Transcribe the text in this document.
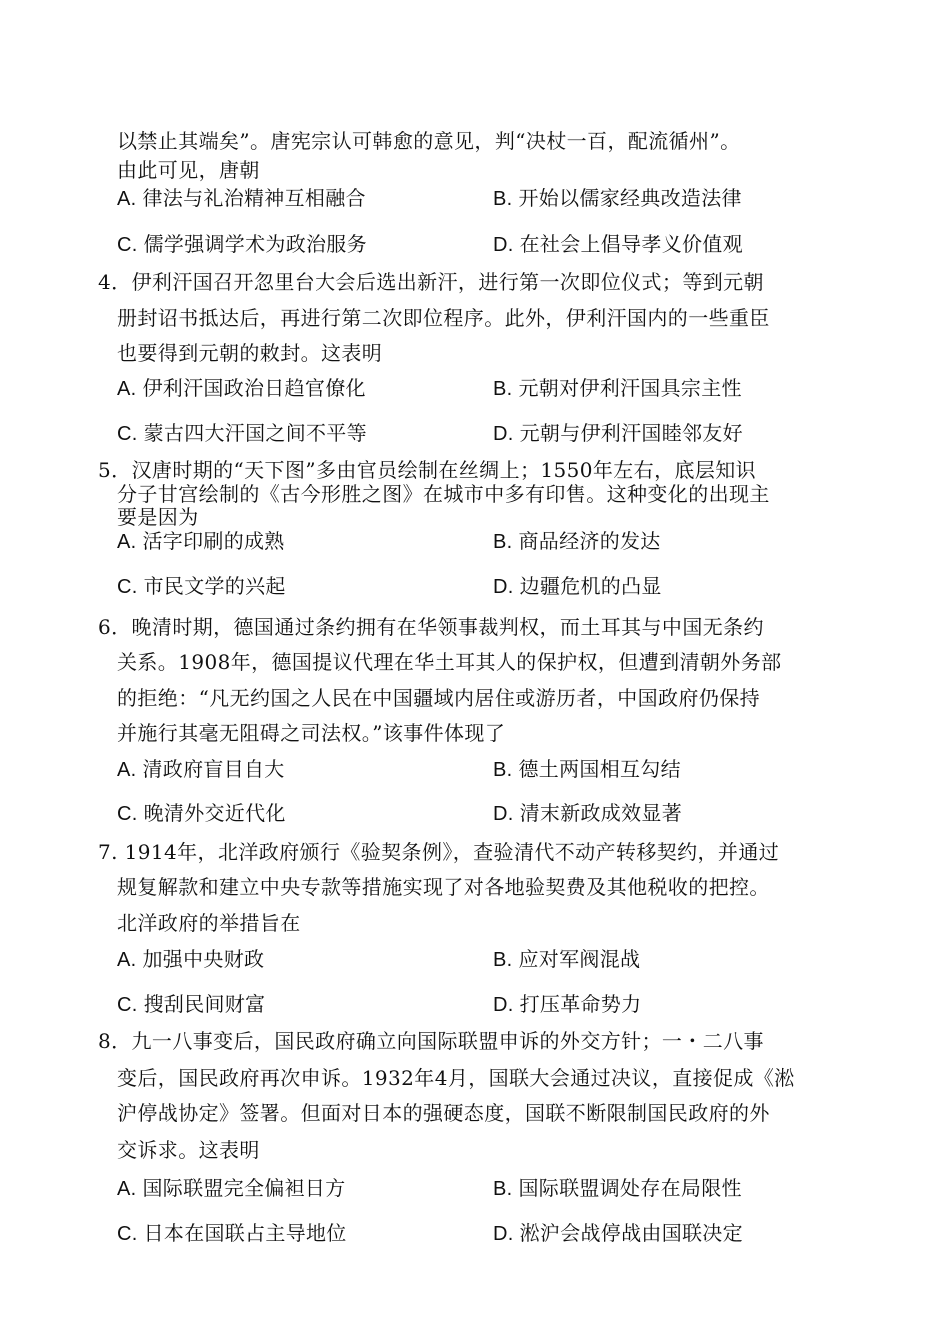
以禁止其端矣”。唐宪宗认可韩愈的意见，判“决杖一百，配流循州”。
由此可见，唐朝
A. 律法与礼治精神互相融合	B. 开始以儒家经典改造法律
C. 儒学强调学术为政治服务	D. 在社会上倡导孝义价值观
4．伊利汗国召开忽里台大会后选出新汗，进行第一次即位仪式；等到元朝
册封诏书抵达后，再进行第二次即位程序。此外，伊利汗国内的一些重臣
也要得到元朝的敕封。这表明
A. 伊利汗国政治日趋官僚化	B. 元朝对伊利汗国具宗主性
C. 蒙古四大汗国之间不平等	D. 元朝与伊利汗国睦邻友好
5．汉唐时期的“天下图”多由官员绘制在丝绸上；1550年左右，底层知识
分子甘宫绘制的《古今形胜之图》在城市中多有印售。这种变化的出现主
要是因为
A. 活字印刷的成熟	B. 商品经济的发达
C. 市民文学的兴起	D. 边疆危机的凸显
6．晚清时期，德国通过条约拥有在华领事裁判权，而土耳其与中国无条约
关系。1908年，德国提议代理在华土耳其人的保护权，但遭到清朝外务部
的拒绝：“凡无约国之人民在中国疆域内居住或游历者，中国政府仍保持
并施行其毫无阻碍之司法权。”该事件体现了
A. 清政府盲目自大	B. 德土两国相互勾结
C. 晚清外交近代化	D. 清末新政成效显著
7. 1914年，北洋政府颁行《验契条例》，查验清代不动产转移契约，并通过
规复解款和建立中央专款等措施实现了对各地验契费及其他税收的把控。
北洋政府的举措旨在
A. 加强中央财政	B. 应对军阀混战
C. 搜刮民间财富	D. 打压革命势力
8．九一八事变后，国民政府确立向国际联盟申诉的外交方针；一・二八事
变后，国民政府再次申诉。1932年4月，国联大会通过决议，直接促成《淞
沪停战协定》签署。但面对日本的强硬态度，国联不断限制国民政府的外
交诉求。这表明
A. 国际联盟完全偏袒日方	B. 国际联盟调处存在局限性
C. 日本在国联占主导地位	D. 淞沪会战停战由国联决定
